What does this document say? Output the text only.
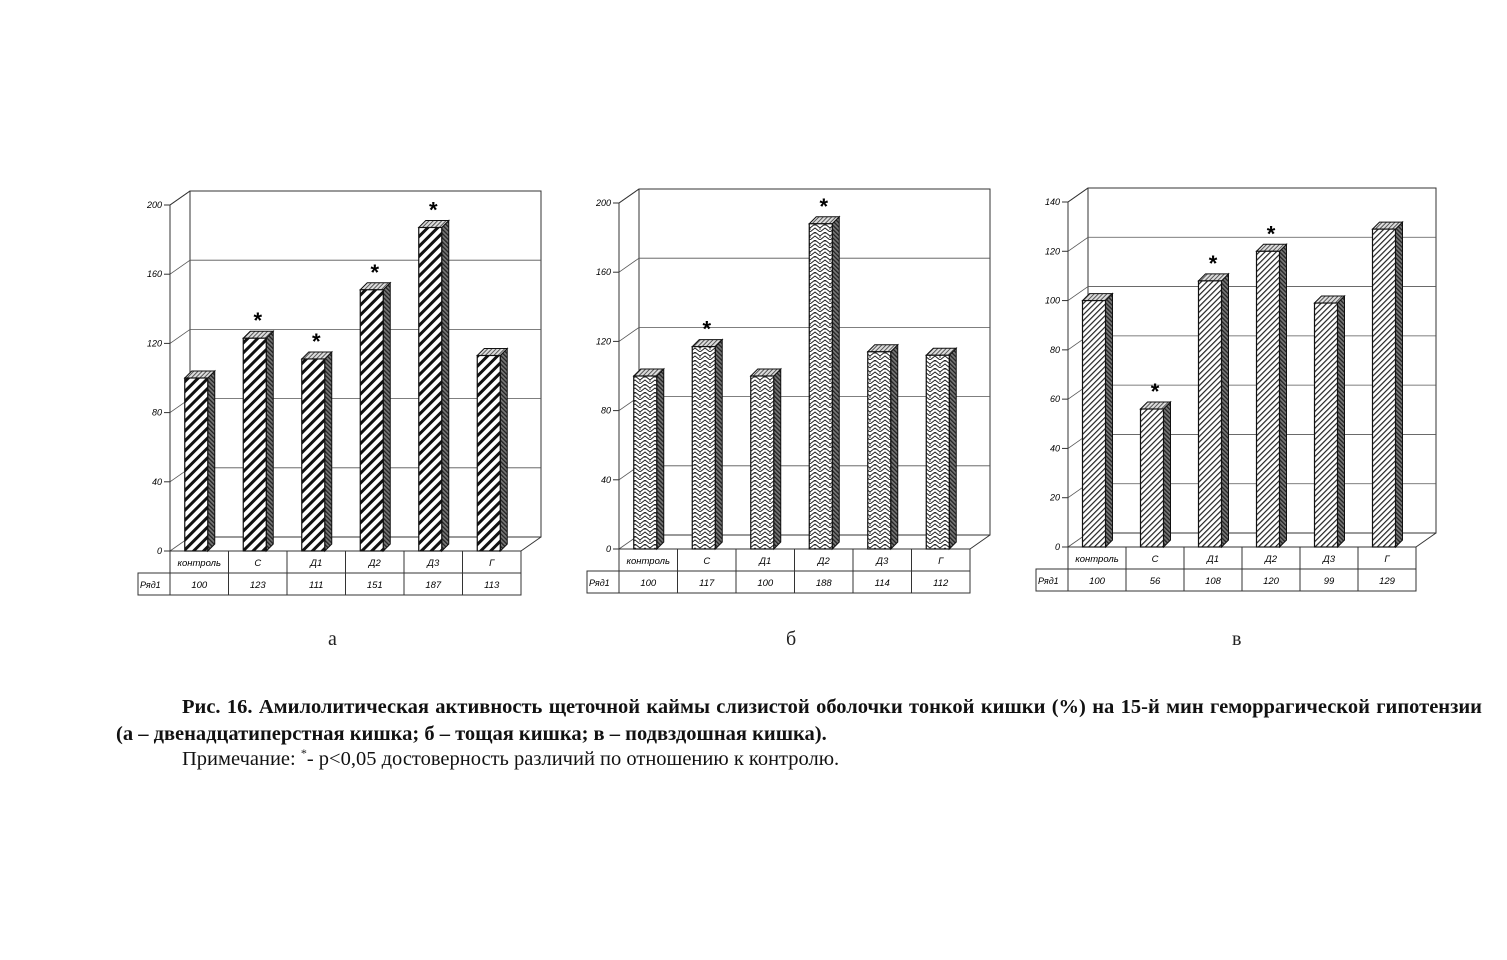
0
40
80
120
160
200
Ряд1
контроль
100
С
123
*
Д1
111
*
Д2
151
*
Д3
187
*
Г
113
0
40
80
120
160
200
Ряд1
контроль
100
С
117
*
Д1
100
Д2
188
*
Д3
114
Г
112
0
20
40
60
80
100
120
140
Ряд1
контроль
100
С
56
*
Д1
108
*
Д2
120
*
Д3
99
Г
129
а	б	в
Рис. 16. Амилолитическая активность щеточной каймы слизистой оболочки тонкой кишки (%) на 15-й мин геморрагической гипотензии (а – двенадцатиперстная кишка; б – тощая кишка; в – подвздошная кишка).
Примечание: *- p<0,05 достоверность различий по отношению к контролю.
